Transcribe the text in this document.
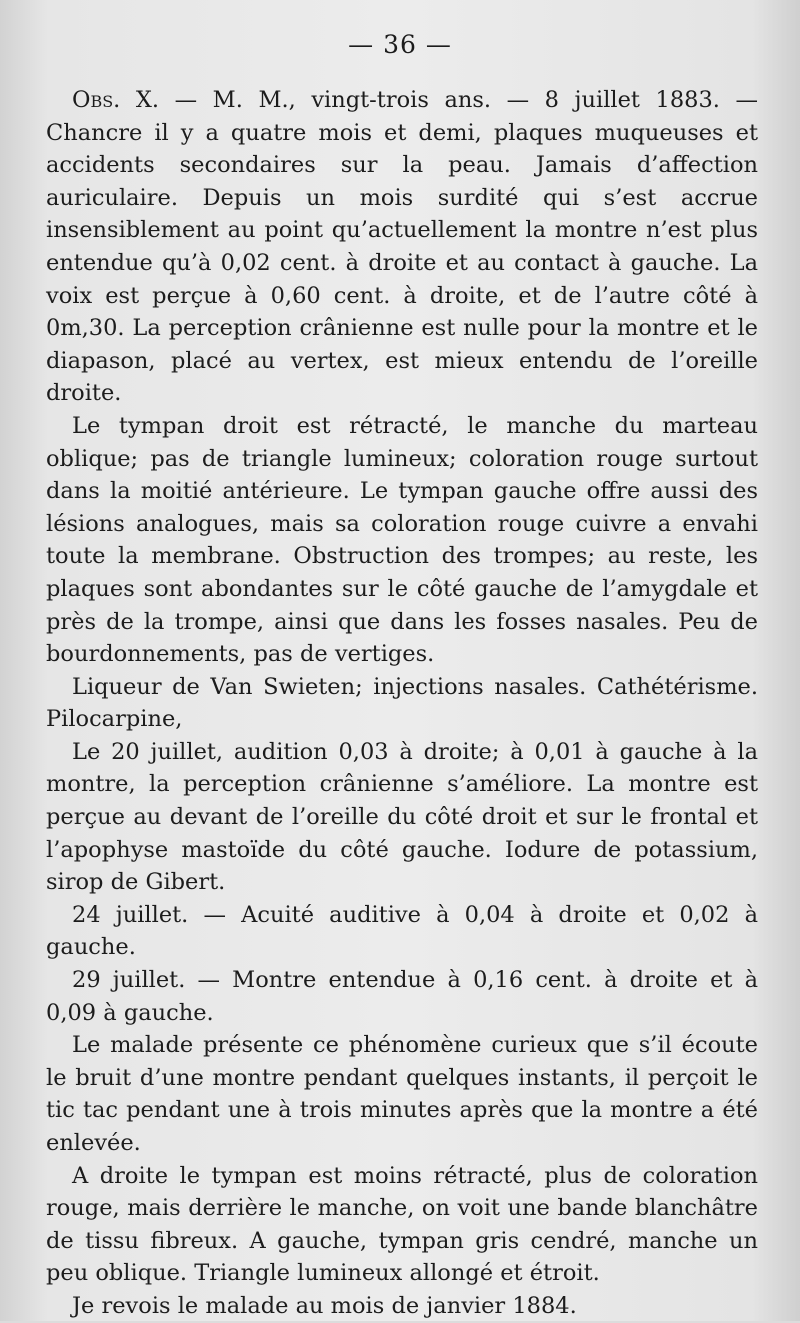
— 36 —

Obs. X. — M. M., vingt-trois ans. — 8 juillet 1883. — Chancre il y a quatre mois et demi, plaques muqueuses et accidents secondaires sur la peau. Jamais d’affection auriculaire. Depuis un mois surdité qui s’est accrue insensiblement au point qu’actuellement la montre n’est plus entendue qu’à 0,02 cent. à droite et au contact à gauche. La voix est perçue à 0,60 cent. à droite, et de l’autre côté à 0m,30. La perception crânienne est nulle pour la montre et le diapason, placé au vertex, est mieux entendu de l’oreille droite.

Le tympan droit est rétracté, le manche du marteau oblique; pas de triangle lumineux; coloration rouge surtout dans la moitié antérieure. Le tympan gauche offre aussi des lésions analogues, mais sa coloration rouge cuivre a envahi toute la membrane. Obstruction des trompes; au reste, les plaques sont abondantes sur le côté gauche de l’amygdale et près de la trompe, ainsi que dans les fosses nasales. Peu de bourdonnements, pas de vertiges.

Liqueur de Van Swieten; injections nasales. Cathétérisme. Pilocarpine,

Le 20 juillet, audition 0,03 à droite; à 0,01 à gauche à la montre, la perception crânienne s’améliore. La montre est perçue au devant de l’oreille du côté droit et sur le frontal et l’apophyse mastoïde du côté gauche. Iodure de potassium, sirop de Gibert.

24 juillet. — Acuité auditive à 0,04 à droite et 0,02 à gauche.

29 juillet. — Montre entendue à 0,16 cent. à droite et à 0,09 à gauche.

Le malade présente ce phénomène curieux que s’il écoute le bruit d’une montre pendant quelques instants, il perçoit le tic tac pendant une à trois minutes après que la montre a été enlevée.

A droite le tympan est moins rétracté, plus de coloration rouge, mais derrière le manche, on voit une bande blanchâtre de tissu fibreux. A gauche, tympan gris cendré, manche un peu oblique. Triangle lumineux allongé et étroit.

Je revois le malade au mois de janvier 1884.
